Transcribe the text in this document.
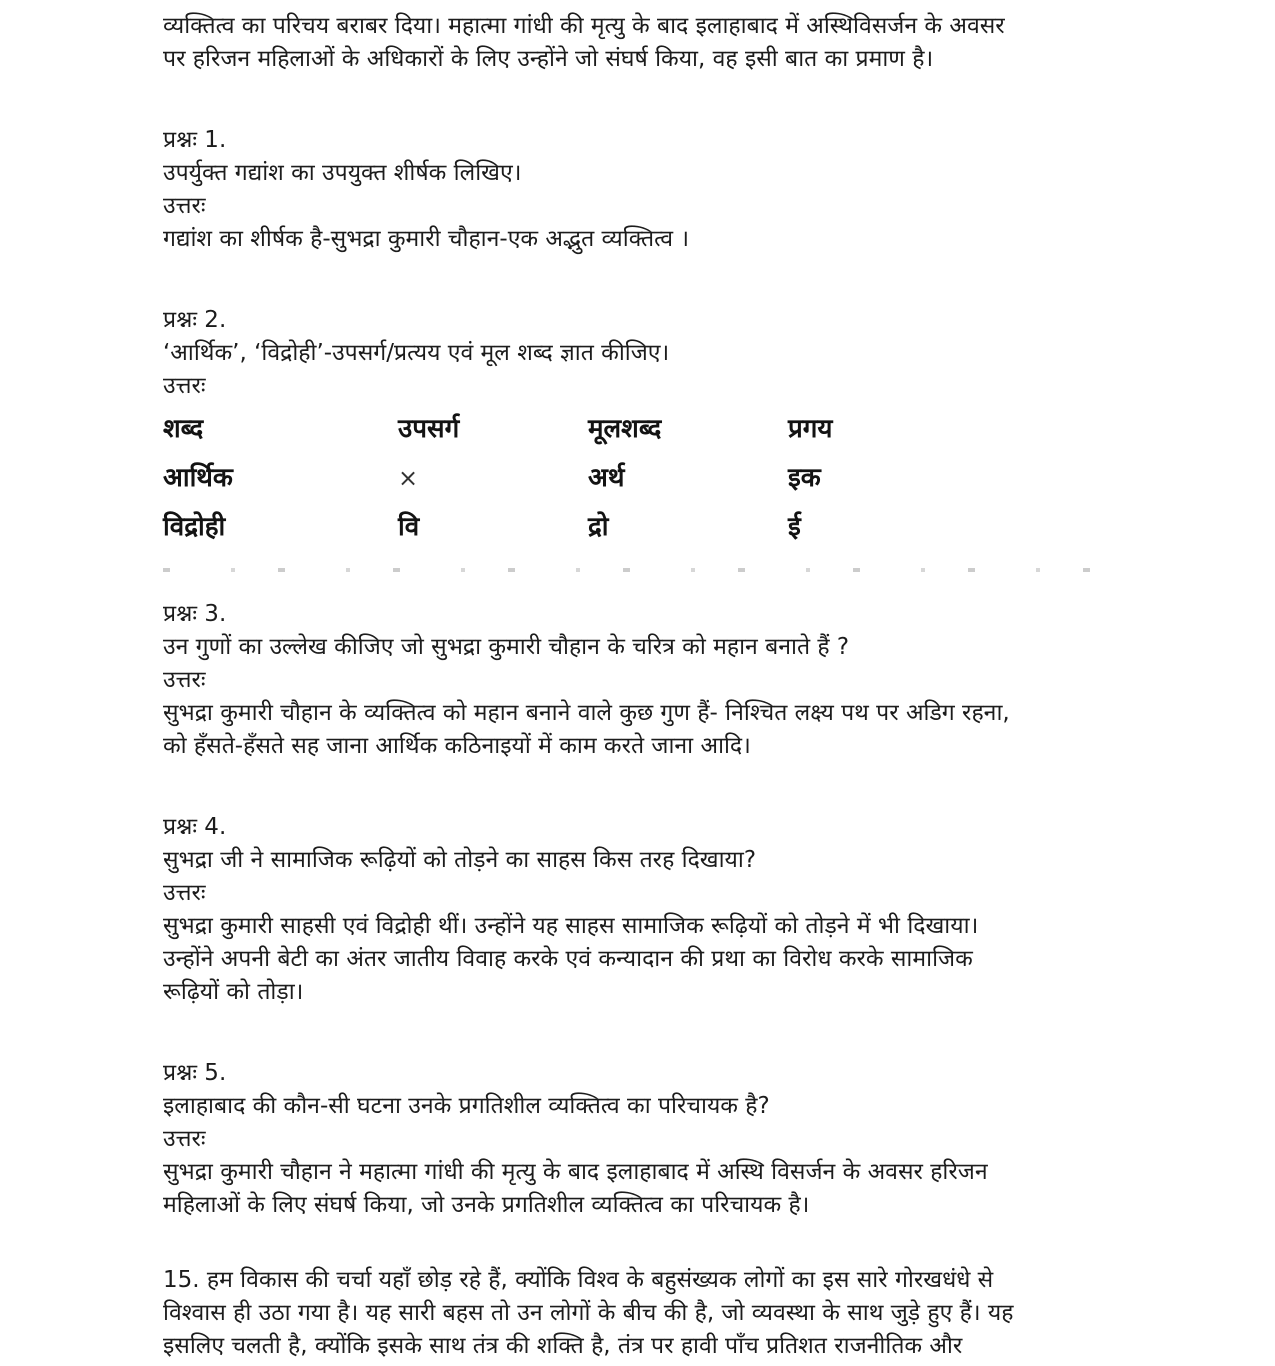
व्यक्तित्व का परिचय बराबर दिया। महात्मा गांधी की मृत्यु के बाद इलाहाबाद में अस्थिविसर्जन के अवसर

पर हरिजन महिलाओं के अधिकारों के लिए उन्होंने जो संघर्ष किया, वह इसी बात का प्रमाण है।

प्रश्नः 1.

उपर्युक्त गद्यांश का उपयुक्त शीर्षक लिखिए।

उत्तरः

गद्यांश का शीर्षक है-सुभद्रा कुमारी चौहान-एक अद्भुत व्यक्तित्व ।

प्रश्नः 2.

‘आर्थिक’, ‘विद्रोही’-उपसर्ग/प्रत्यय एवं मूल शब्द ज्ञात कीजिए।

उत्तरः

शब्द	उपसर्ग	मूलशब्द	प्रगय
आर्थिक	×	अर्थ	इक
विद्रोही	वि	द्रो	ई

प्रश्नः 3.

उन गुणों का उल्लेख कीजिए जो सुभद्रा कुमारी चौहान के चरित्र को महान बनाते हैं ?

उत्तरः

सुभद्रा कुमारी चौहान के व्यक्तित्व को महान बनाने वाले कुछ गुण हैं- निश्चित लक्ष्य पथ पर अडिग रहना,

को हँसते-हँसते सह जाना आर्थिक कठिनाइयों में काम करते जाना आदि।

प्रश्नः 4.

सुभद्रा जी ने सामाजिक रूढ़ियों को तोड़ने का साहस किस तरह दिखाया?

उत्तरः

सुभद्रा कुमारी साहसी एवं विद्रोही थीं। उन्होंने यह साहस सामाजिक रूढ़ियों को तोड़ने में भी दिखाया।

उन्होंने अपनी बेटी का अंतर जातीय विवाह करके एवं कन्यादान की प्रथा का विरोध करके सामाजिक

रूढ़ियों को तोड़ा।

प्रश्नः 5.

इलाहाबाद की कौन-सी घटना उनके प्रगतिशील व्यक्तित्व का परिचायक है?

उत्तरः

सुभद्रा कुमारी चौहान ने महात्मा गांधी की मृत्यु के बाद इलाहाबाद में अस्थि विसर्जन के अवसर हरिजन

महिलाओं के लिए संघर्ष किया, जो उनके प्रगतिशील व्यक्तित्व का परिचायक है।

15. हम विकास की चर्चा यहाँ छोड़ रहे हैं, क्योंकि विश्व के बहुसंख्यक लोगों का इस सारे गोरखधंधे से

विश्वास ही उठा गया है। यह सारी बहस तो उन लोगों के बीच की है, जो व्यवस्था के साथ जुड़े हुए हैं। यह

इसलिए चलती है, क्योंकि इसके साथ तंत्र की शक्ति है, तंत्र पर हावी पाँच प्रतिशत राजनीतिक और
